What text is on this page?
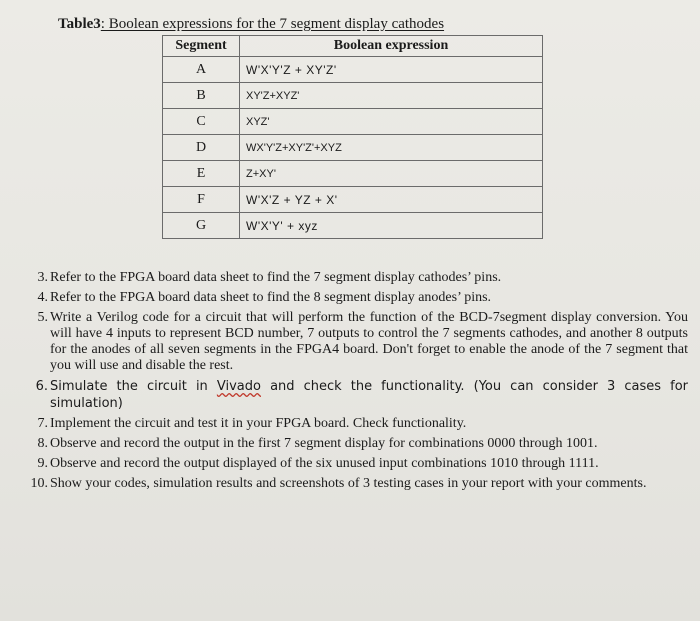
Table3: Boolean expressions for the 7 segment display cathodes
Segment	Boolean expression
A	W'X'Y'Z + XY'Z'
B	XY'Z+XYZ'
C	XYZ'
D	WX'Y'Z+XY'Z'+XYZ
E	Z+XY'
F	W'X'Z + YZ + X'
G	W'X'Y' + xyz
3. Refer to the FPGA board data sheet to find the 7 segment display cathodes’ pins.
4. Refer to the FPGA board data sheet to find the 8 segment display anodes’ pins.
5. Write a Verilog code for a circuit that will perform the function of the BCD-7segment display conversion. You will have 4 inputs to represent BCD number, 7 outputs to control the 7 segments cathodes, and another 8 outputs for the anodes of all seven segments in the FPGA4 board. Don't forget to enable the anode of the 7 segment that you will use and disable the rest.
6. Simulate the circuit in Vivado and check the functionality. (You can consider 3 cases for simulation)
7. Implement the circuit and test it in your FPGA board. Check functionality.
8. Observe and record the output in the first 7 segment display for combinations 0000 through 1001.
9. Observe and record the output displayed of the six unused input combinations 1010 through 1111.
10. Show your codes, simulation results and screenshots of 3 testing cases in your report with your comments.
